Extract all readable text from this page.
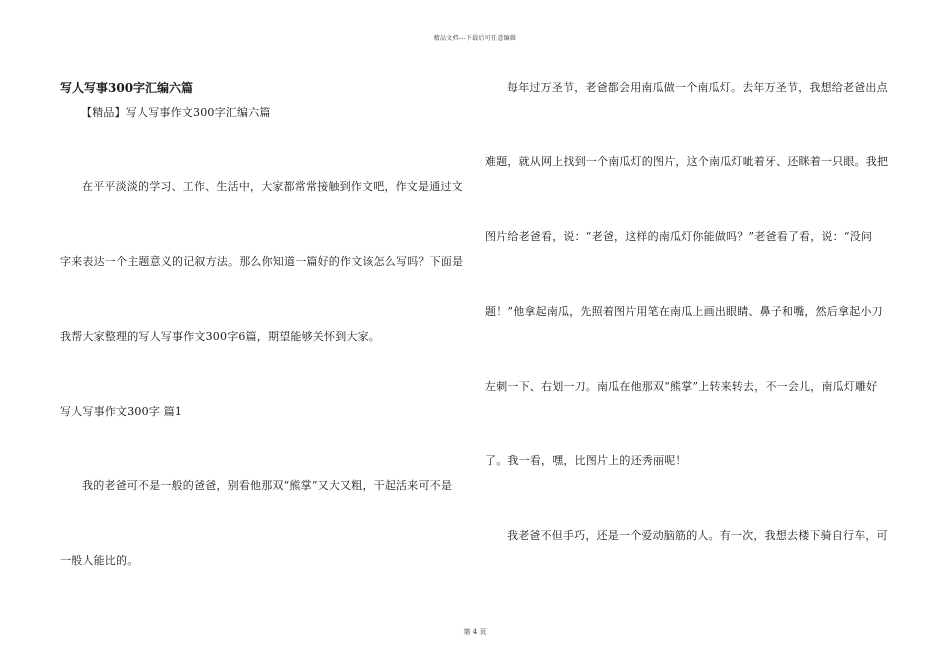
精品文档---下载后可任意编辑
写人写事300字汇编六篇
【精品】写人写事作文300字汇编六篇
在平平淡淡的学习、工作、生活中，大家都常常接触到作文吧，作文是通过文
字来表达一个主题意义的记叙方法。那么你知道一篇好的作文该怎么写吗？下面是
我帮大家整理的写人写事作文300字6篇，期望能够关怀到大家。
写人写事作文300字 篇1
我的老爸可不是一般的爸爸，别看他那双“熊掌”又大又粗，干起活来可不是
一般人能比的。
每年过万圣节，老爸都会用南瓜做一个南瓜灯。去年万圣节，我想给老爸出点
难题，就从网上找到一个南瓜灯的图片，这个南瓜灯呲着牙、还眯着一只眼。我把
图片给老爸看，说：“老爸，这样的南瓜灯你能做吗？”老爸看了看，说：“没问
题！”他拿起南瓜，先照着图片用笔在南瓜上画出眼睛、鼻子和嘴，然后拿起小刀
左刺一下、右划一刀。南瓜在他那双“熊掌”上转来转去，不一会儿，南瓜灯雕好
了。我一看，嘿，比图片上的还秀丽呢！
我老爸不但手巧，还是一个爱动脑筋的人。有一次，我想去楼下骑自行车，可
第 4 页
